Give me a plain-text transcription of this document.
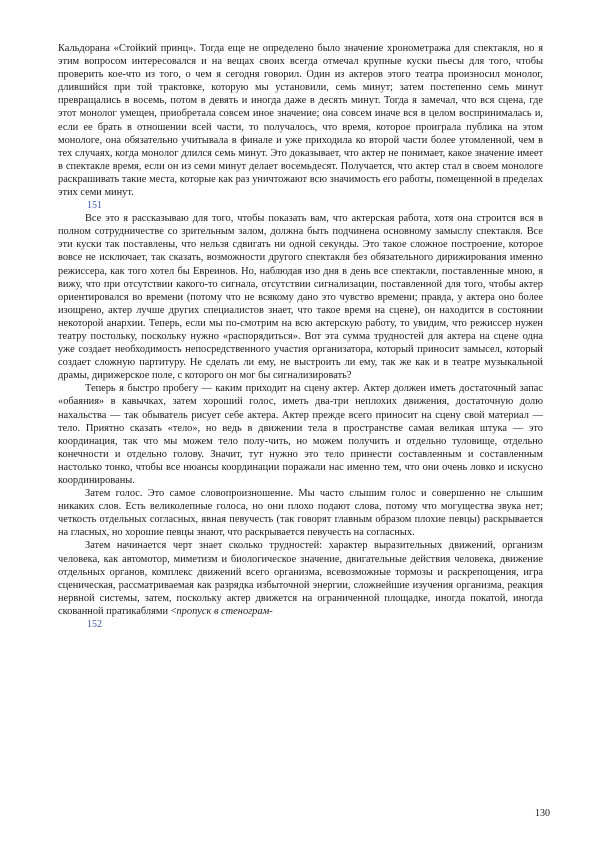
Кальдорана «Стойкий принц». Тогда еще не определено было значение хронометража для спектакля, но я этим вопросом интересовался и на вещах своих всегда отмечал крупные куски пьесы для того, чтобы проверить кое-что из того, о чем я сегодня говорил. Один из актеров этого театра произносил монолог, длившийся при той трактовке, которую мы установили, семь минут; затем постепенно семь минут превращались в восемь, потом в девять и иногда даже в десять минут. Тогда я замечал, что вся сцена, где этот монолог умещен, приобретала совсем иное значение; она совсем иначе вся в целом воспринималась и, если ее брать в отношении всей части, то получалось, что время, которое проиграла публика на этом монологе, она обязательно учитывала в финале и уже приходила ко второй части более утомленной, чем в тех случаях, когда монолог длился семь минут. Это доказывает, что актер не понимает, какое значение имеет в спектакле время, если он из семи минут делает восемьдесят. Получается, что актер стал в своем монологе раскрашивать такие места, которые как раз уничтожают всю значимость его работы, помещенной в пределах этих семи минут.

151

Все это я рассказываю для того, чтобы показать вам, что актерская работа, хотя она строится вся в полном сотрудничестве со зрительным залом, должна быть подчинена основному замыслу спектакля. Все эти куски так поставлены, что нельзя сдвигать ни одной секунды. Это такое сложное построение, которое вовсе не исключает, так сказать, возможности другого спектакля без обязательного дирижирования именно режиссера, как того хотел бы Евреинов. Но, наблюдая изо дня в день все спектакли, поставленные мною, я вижу, что при отсутствии какого-то сигнала, отсутствии сигнализации, поставленной для того, чтобы актер ориентировался во времени (потому что не всякому дано это чувство времени; правда, у актера оно более изощрено, актер лучше других специалистов знает, что такое время на сцене), он находится в состоянии некоторой анархии. Теперь, если мы по-смотрим на всю актерскую работу, то увидим, что режиссер нужен театру постольку, поскольку нужно «распорядиться». Вот эта сумма трудностей для актера на сцене одна уже создает необходимость непосредственного участия организатора, который приносит замысел, который создает сложную партитуру. Не сделать ли ему, не выстроить ли ему, так же как и в театре музыкальной драмы, дирижерское поле, с которого он мог бы сигнализировать?

Теперь я быстро пробегу — каким приходит на сцену актер. Актер должен иметь достаточный запас «обаяния» в кавычках, затем хороший голос, иметь два-три неплохих движения, достаточную долю нахальства — так обыватель рисует себе актера. Актер прежде всего приносит на сцену свой материал — тело. Приятно сказать «тело», но ведь в движении тела в пространстве самая великая штука — это координация, так что мы можем тело полу-чить, но можем получить и отдельно туловище, отдельно конечности и отдельно голову. Значит, тут нужно это тело принести составленным и составленным настолько тонко, чтобы все нюансы координации поражали нас именно тем, что они очень ловко и искусно координированы.

Затем голос. Это самое словопроизношение. Мы часто слышим голос и совершенно не слышим никаких слов. Есть великолепные голоса, но они плохо подают слова, потому что могущества звука нет; четкость отдельных согласных, явная певучесть (так говорят главным образом плохие певцы) раскрывается на гласных, но хорошие певцы знают, что раскрывается певучесть на согласных.

Затем начинается черт знает сколько трудностей: характер выразительных движений, организм человека, как автомотор, миметизм и биологическое значение, двигательные действия человека, движение отдельных органов, комплекс движений всего организма, всевозможные тормозы и раскрепощения, игра сценическая, рассматриваемая как разрядка избыточной энергии, сложнейшие изучения организма, реакция нервной системы, затем, поскольку актер движется на ограниченной площадке, иногда покатой, иногда скованной пратикаблями <пропуск в стенограм-

152
130
